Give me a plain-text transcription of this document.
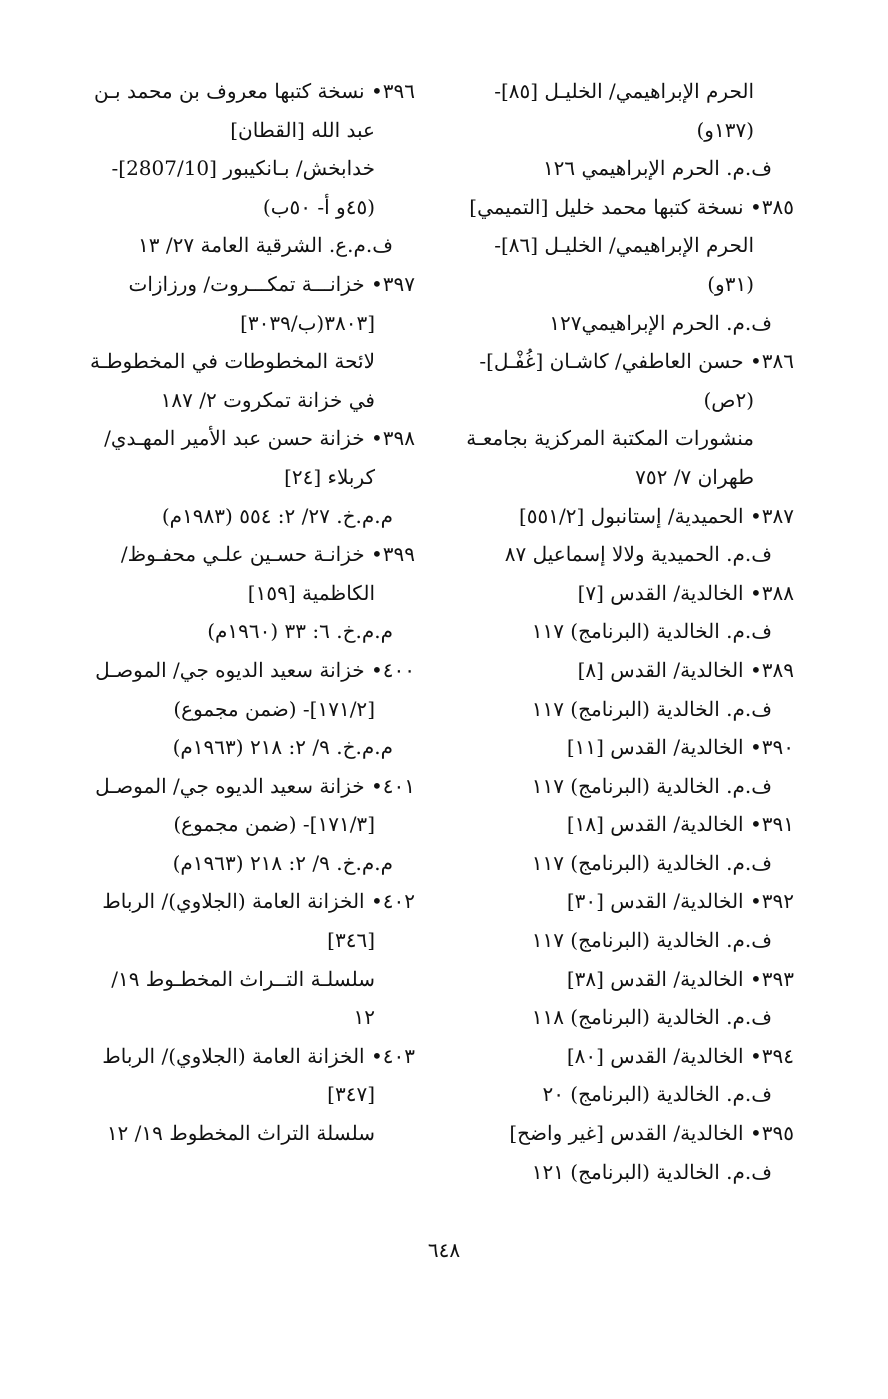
الحرم الإبراهيمي/ الخليـل [٨٥]-
(١٣٧و)
ف.م. الحرم الإبراهيمي ١٢٦
٣٨٥• نسخة كتبها محمد خليل [التميمي]
الحرم الإبراهيمي/ الخليـل [٨٦]-
(٣١و)
ف.م. الحرم الإبراهيمي١٢٧
٣٨٦• حسن العاطفي/ كاشـان [غُفْـل]-
(٢ص)
منشورات المكتبة المركزية بجامعـة
طهران ٧/ ٧٥٢
٣٨٧• الحميدية/ إستانبول [٥٥١/٢]
ف.م. الحميدية ولالا إسماعيل ٨٧
٣٨٨• الخالدية/ القدس [٧]
ف.م. الخالدية (البرنامج) ١١٧
٣٨٩• الخالدية/ القدس [٨]
ف.م. الخالدية (البرنامج) ١١٧
٣٩٠• الخالدية/ القدس [١١]
ف.م. الخالدية (البرنامج) ١١٧
٣٩١• الخالدية/ القدس [١٨]
ف.م. الخالدية (البرنامج) ١١٧
٣٩٢• الخالدية/ القدس [٣٠]
ف.م. الخالدية (البرنامج) ١١٧
٣٩٣• الخالدية/ القدس [٣٨]
ف.م. الخالدية (البرنامج) ١١٨
٣٩٤• الخالدية/ القدس [٨٠]
ف.م. الخالدية (البرنامج) ٢٠
٣٩٥• الخالدية/ القدس [غير واضح]
ف.م. الخالدية (البرنامج) ١٢١
٣٩٦• نسخة كتبها معروف بن محمد بـن
عبد الله [القطان]
خدابخش/ بـانكيبور [2807/10]-
(٤٥و أ- ٥٠ب)
ف.م.ع. الشرقية العامة ٢٧/ ١٣
٣٩٧• خزانـــة تمكـــروت/ ورزازات
[٣٨٠٣(ب/٣٠٣٩]
لائحة المخطوطات في المخطوطـة
في خزانة تمكروت ٢/ ١٨٧
٣٩٨• خزانة حسن عبد الأمير المهـدي/
كربلاء [٢٤]
م.م.خ. ٢٧/ ٢: ٥٥٤ (١٩٨٣م)
٣٩٩• خزانـة حسـين علـي محفـوظ/
الكاظمية [١٥٩]
م.م.خ. ٦: ٣٣ (١٩٦٠م)
٤٠٠• خزانة سعيد الديوه جي/ الموصـل
[١٧١/٢]- (ضمن مجموع)
م.م.خ. ٩/ ٢: ٢١٨ (١٩٦٣م)
٤٠١• خزانة سعيد الديوه جي/ الموصـل
[١٧١/٣]- (ضمن مجموع)
م.م.خ. ٩/ ٢: ٢١٨ (١٩٦٣م)
٤٠٢• الخزانة العامة (الجلاوي)/ الرباط
[٣٤٦]
سلسلـة التــراث المخطـوط ١٩/
١٢
٤٠٣• الخزانة العامة (الجلاوي)/ الرباط
[٣٤٧]
سلسلة التراث المخطوط ١٩/ ١٢
٦٤٨
